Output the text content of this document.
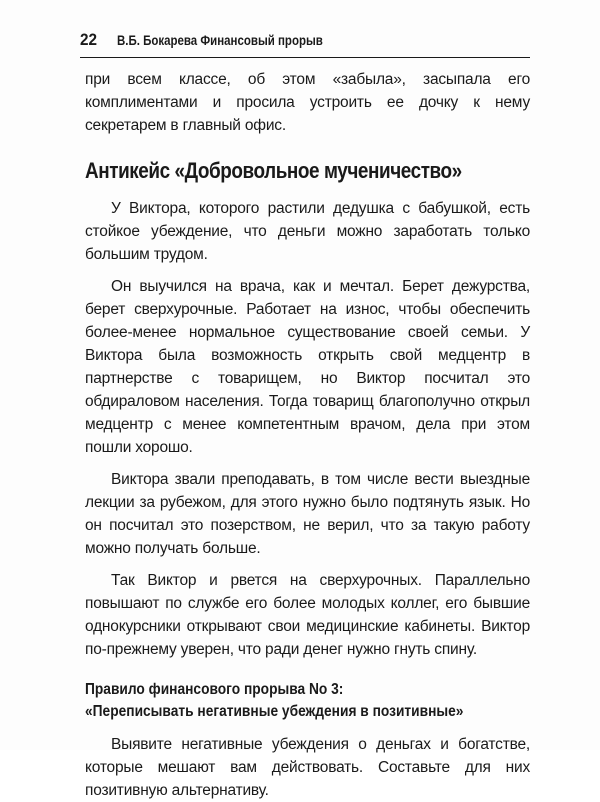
22 В.Б. Бокарева Финансовый прорыв

при всем классе, об этом «забыла», засыпала его комплиментами и просила устроить ее дочку к нему секретарем в главный офис.

Антикейс «Добровольное мученичество»

У Виктора, которого растили дедушка с бабушкой, есть стойкое убеждение, что деньги можно заработать только большим трудом.

Он выучился на врача, как и мечтал. Берет дежурства, берет сверхурочные. Работает на износ, чтобы обеспечить более-менее нормальное существование своей семьи. У Виктора была возможность открыть свой медцентр в партнерстве с товарищем, но Виктор посчитал это обдираловом населения. Тогда товарищ благополучно открыл медцентр с менее компетентным врачом, дела при этом пошли хорошо.

Виктора звали преподавать, в том числе вести выездные лекции за рубежом, для этого нужно было подтянуть язык. Но он посчитал это позерством, не верил, что за такую работу можно получать больше.

Так Виктор и рвется на сверхурочных. Параллельно повышают по службе его более молодых коллег, его бывшие однокурсники открывают свои медицинские кабинеты. Виктор по-прежнему уверен, что ради денег нужно гнуть спину.

Правило финансового прорыва No 3:
«Переписывать негативные убеждения в позитивные»

Выявите негативные убеждения о деньгах и богатстве, которые мешают вам действовать. Составьте для них позитивную альтернативу.
